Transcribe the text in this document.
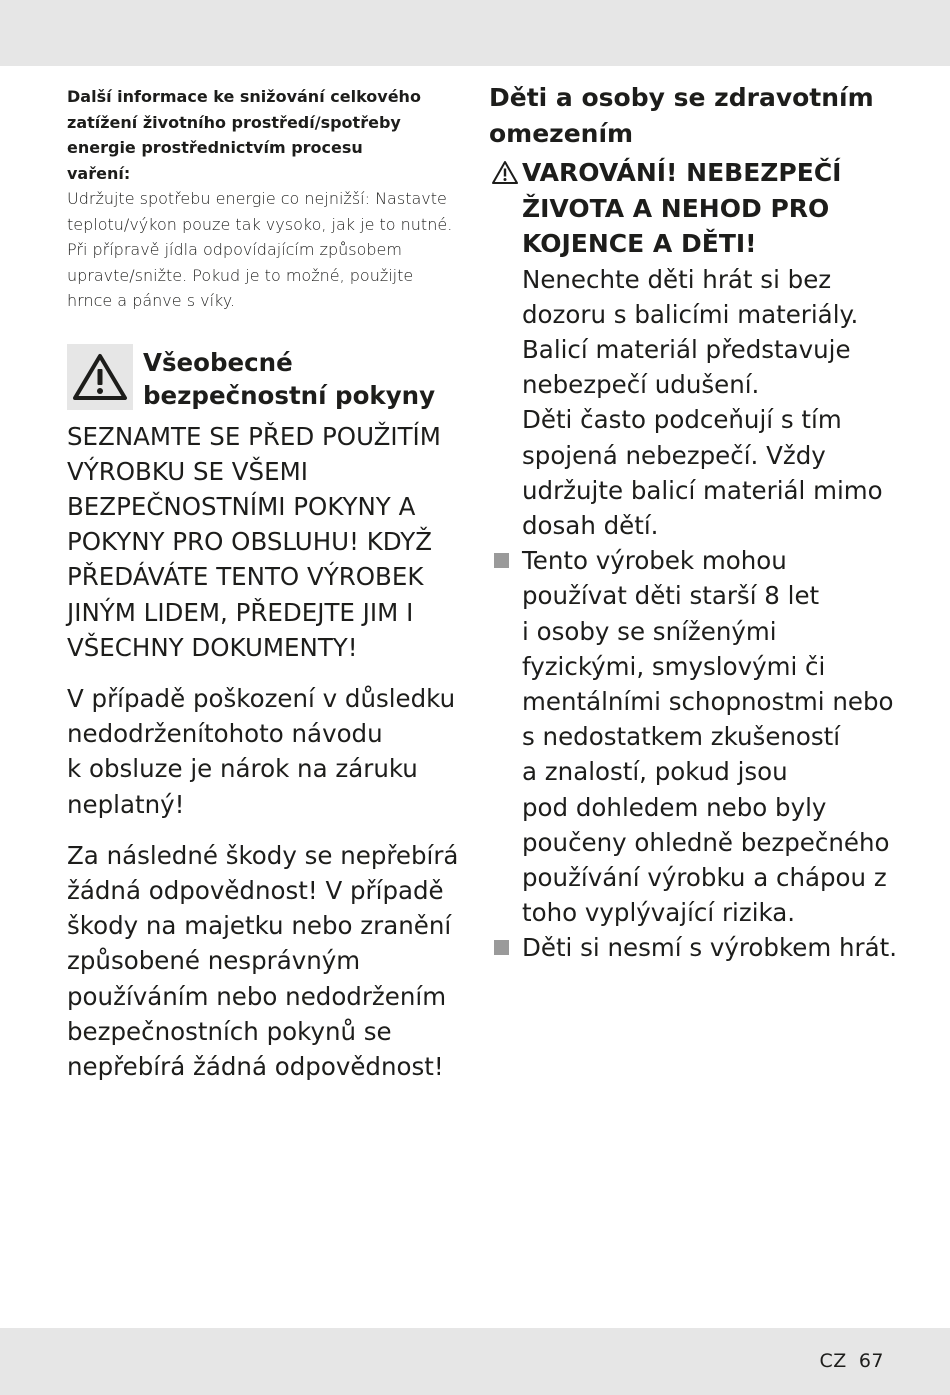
Další informace ke snižování celkového
zatížení životního prostředí/spotřeby
energie prostřednictvím procesu
vaření:
Udržujte spotřebu energie co nejnižší: Nastavte
teplotu/výkon pouze tak vysoko, jak je to nutné.
Při přípravě jídla odpovídajícím způsobem
upravte/snižte. Pokud je to možné, použijte
hrnce a pánve s víky.
Všeobecné
bezpečnostní pokyny
SEZNAMTE SE PŘED POUŽITÍM
VÝROBKU SE VŠEMI
BEZPEČNOSTNÍMI POKYNY A
POKYNY PRO OBSLUHU! KDYŽ
PŘEDÁVÁTE TENTO VÝROBEK
JINÝM LIDEM, PŘEDEJTE JIM I
VŠECHNY DOKUMENTY!
V případě poškození v důsledku
nedodrženítohoto návodu
k obsluze je nárok na záruku
neplatný!
Za následné škody se nepřebírá
žádná odpovědnost! V případě
škody na majetku nebo zranění
způsobené nesprávným
používáním nebo nedodržením
bezpečnostních pokynů se
nepřebírá žádná odpovědnost!
Děti a osoby se zdravotním
omezením
VAROVÁNÍ! NEBEZPEČÍ
ŽIVOTA A NEHOD PRO
KOJENCE A DĚTI!
Nenechte děti hrát si bez
dozoru s balicími materiály.
Balicí materiál představuje
nebezpečí udušení.
Děti často podceňují s tím
spojená nebezpečí. Vždy
udržujte balicí materiál mimo
dosah dětí.
Tento výrobek mohou
používat děti starší 8 let
i osoby se sníženými
fyzickými, smyslovými či
mentálními schopnostmi nebo
s nedostatkem zkušeností
a znalostí, pokud jsou
pod dohledem nebo byly
poučeny ohledně bezpečného
používání výrobku a chápou z
toho vyplývající rizika.
Děti si nesmí s výrobkem hrát.
CZ 67
